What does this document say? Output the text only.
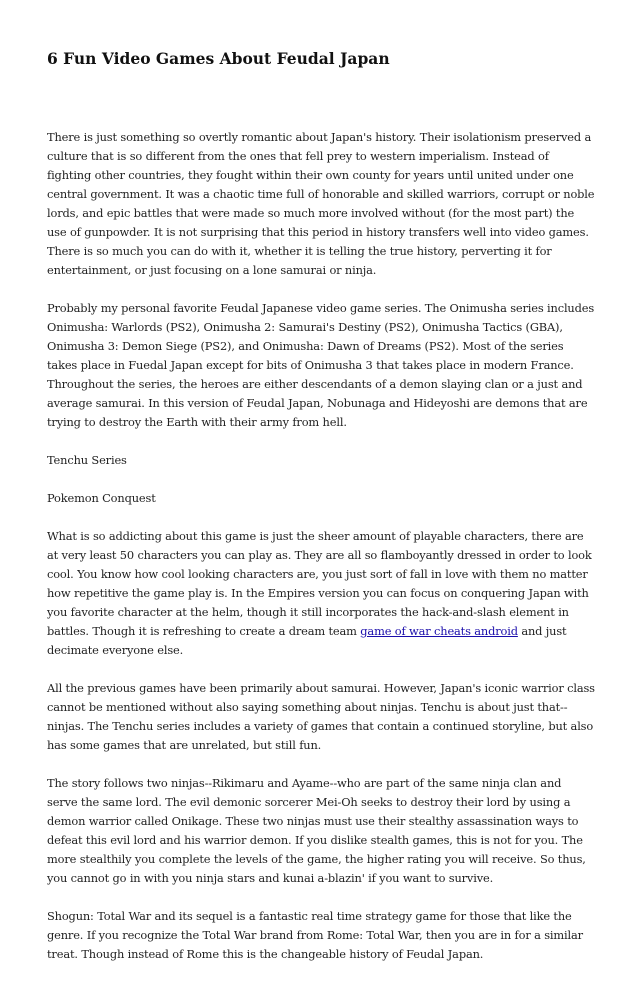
6 Fun Video Games About Feudal Japan

There is just something so overtly romantic about Japan's history. Their isolationism preserved a culture that is so different from the ones that fell prey to western imperialism. Instead of fighting other countries, they fought within their own county for years until united under one central government. It was a chaotic time full of honorable and skilled warriors, corrupt or noble lords, and epic battles that were made so much more involved without (for the most part) the use of gunpowder. It is not surprising that this period in history transfers well into video games. There is so much you can do with it, whether it is telling the true history, perverting it for entertainment, or just focusing on a lone samurai or ninja.

Probably my personal favorite Feudal Japanese video game series. The Onimusha series includes Onimusha: Warlords (PS2), Onimusha 2: Samurai's Destiny (PS2), Onimusha Tactics (GBA), Onimusha 3: Demon Siege (PS2), and Onimusha: Dawn of Dreams (PS2). Most of the series takes place in Fuedal Japan except for bits of Onimusha 3 that takes place in modern France. Throughout the series, the heroes are either descendants of a demon slaying clan or a just and average samurai. In this version of Feudal Japan, Nobunaga and Hideyoshi are demons that are trying to destroy the Earth with their army from hell.

Tenchu Series

Pokemon Conquest

What is so addicting about this game is just the sheer amount of playable characters, there are at very least 50 characters you can play as. They are all so flamboyantly dressed in order to look cool. You know how cool looking characters are, you just sort of fall in love with them no matter how repetitive the game play is. In the Empires version you can focus on conquering Japan with you favorite character at the helm, though it still incorporates the hack-and-slash element in battles. Though it is refreshing to create a dream team game of war cheats android and just decimate everyone else.

All the previous games have been primarily about samurai. However, Japan's iconic warrior class cannot be mentioned without also saying something about ninjas. Tenchu is about just that--ninjas. The Tenchu series includes a variety of games that contain a continued storyline, but also has some games that are unrelated, but still fun.

The story follows two ninjas--Rikimaru and Ayame--who are part of the same ninja clan and serve the same lord. The evil demonic sorcerer Mei-Oh seeks to destroy their lord by using a demon warrior called Onikage. These two ninjas must use their stealthy assassination ways to defeat this evil lord and his warrior demon. If you dislike stealth games, this is not for you. The more stealthily you complete the levels of the game, the higher rating you will receive. So thus, you cannot go in with you ninja stars and kunai a-blazin' if you want to survive.

Shogun: Total War and its sequel is a fantastic real time strategy game for those that like the genre. If you recognize the Total War brand from Rome: Total War, then you are in for a similar treat. Though instead of Rome this is the changeable history of Feudal Japan.
